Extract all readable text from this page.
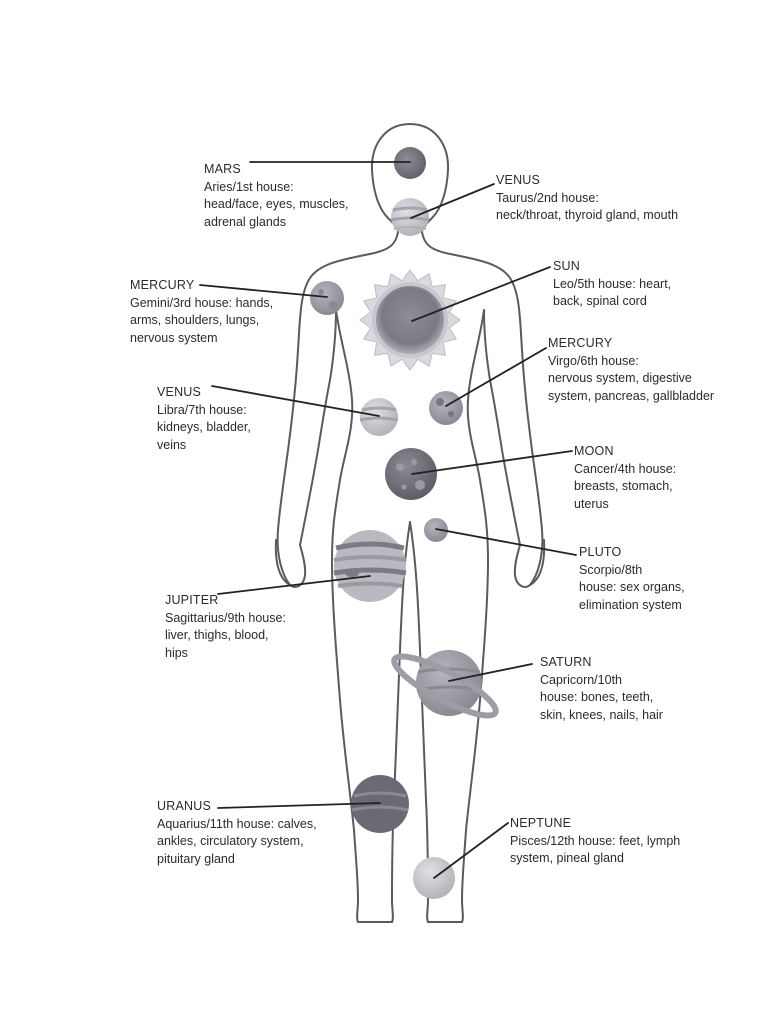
MARS
Aries/1st house:
head/face, eyes, muscles,
adrenal glands
VENUS
Taurus/2nd house:
neck/throat, thyroid gland, mouth
MERCURY
Gemini/3rd house: hands,
arms, shoulders, lungs,
nervous system
SUN
Leo/5th house: heart,
back, spinal cord
MERCURY
Virgo/6th house:
nervous system, digestive
system, pancreas, gallbladder
VENUS
Libra/7th house:
kidneys, bladder,
veins	MOON
Cancer/4th house:
breasts, stomach,
uterus
PLUTO
Scorpio/8th
house: sex organs,
elimination system
JUPITER
Sagittarius/9th house:
liver, thighs, blood,
hips
SATURN
Capricorn/10th
house: bones, teeth,
skin, knees, nails, hair
URANUS
Aquarius/11th house: calves,
ankles, circulatory system,
pituitary gland
NEPTUNE
Pisces/12th house: feet, lymph
system, pineal gland
